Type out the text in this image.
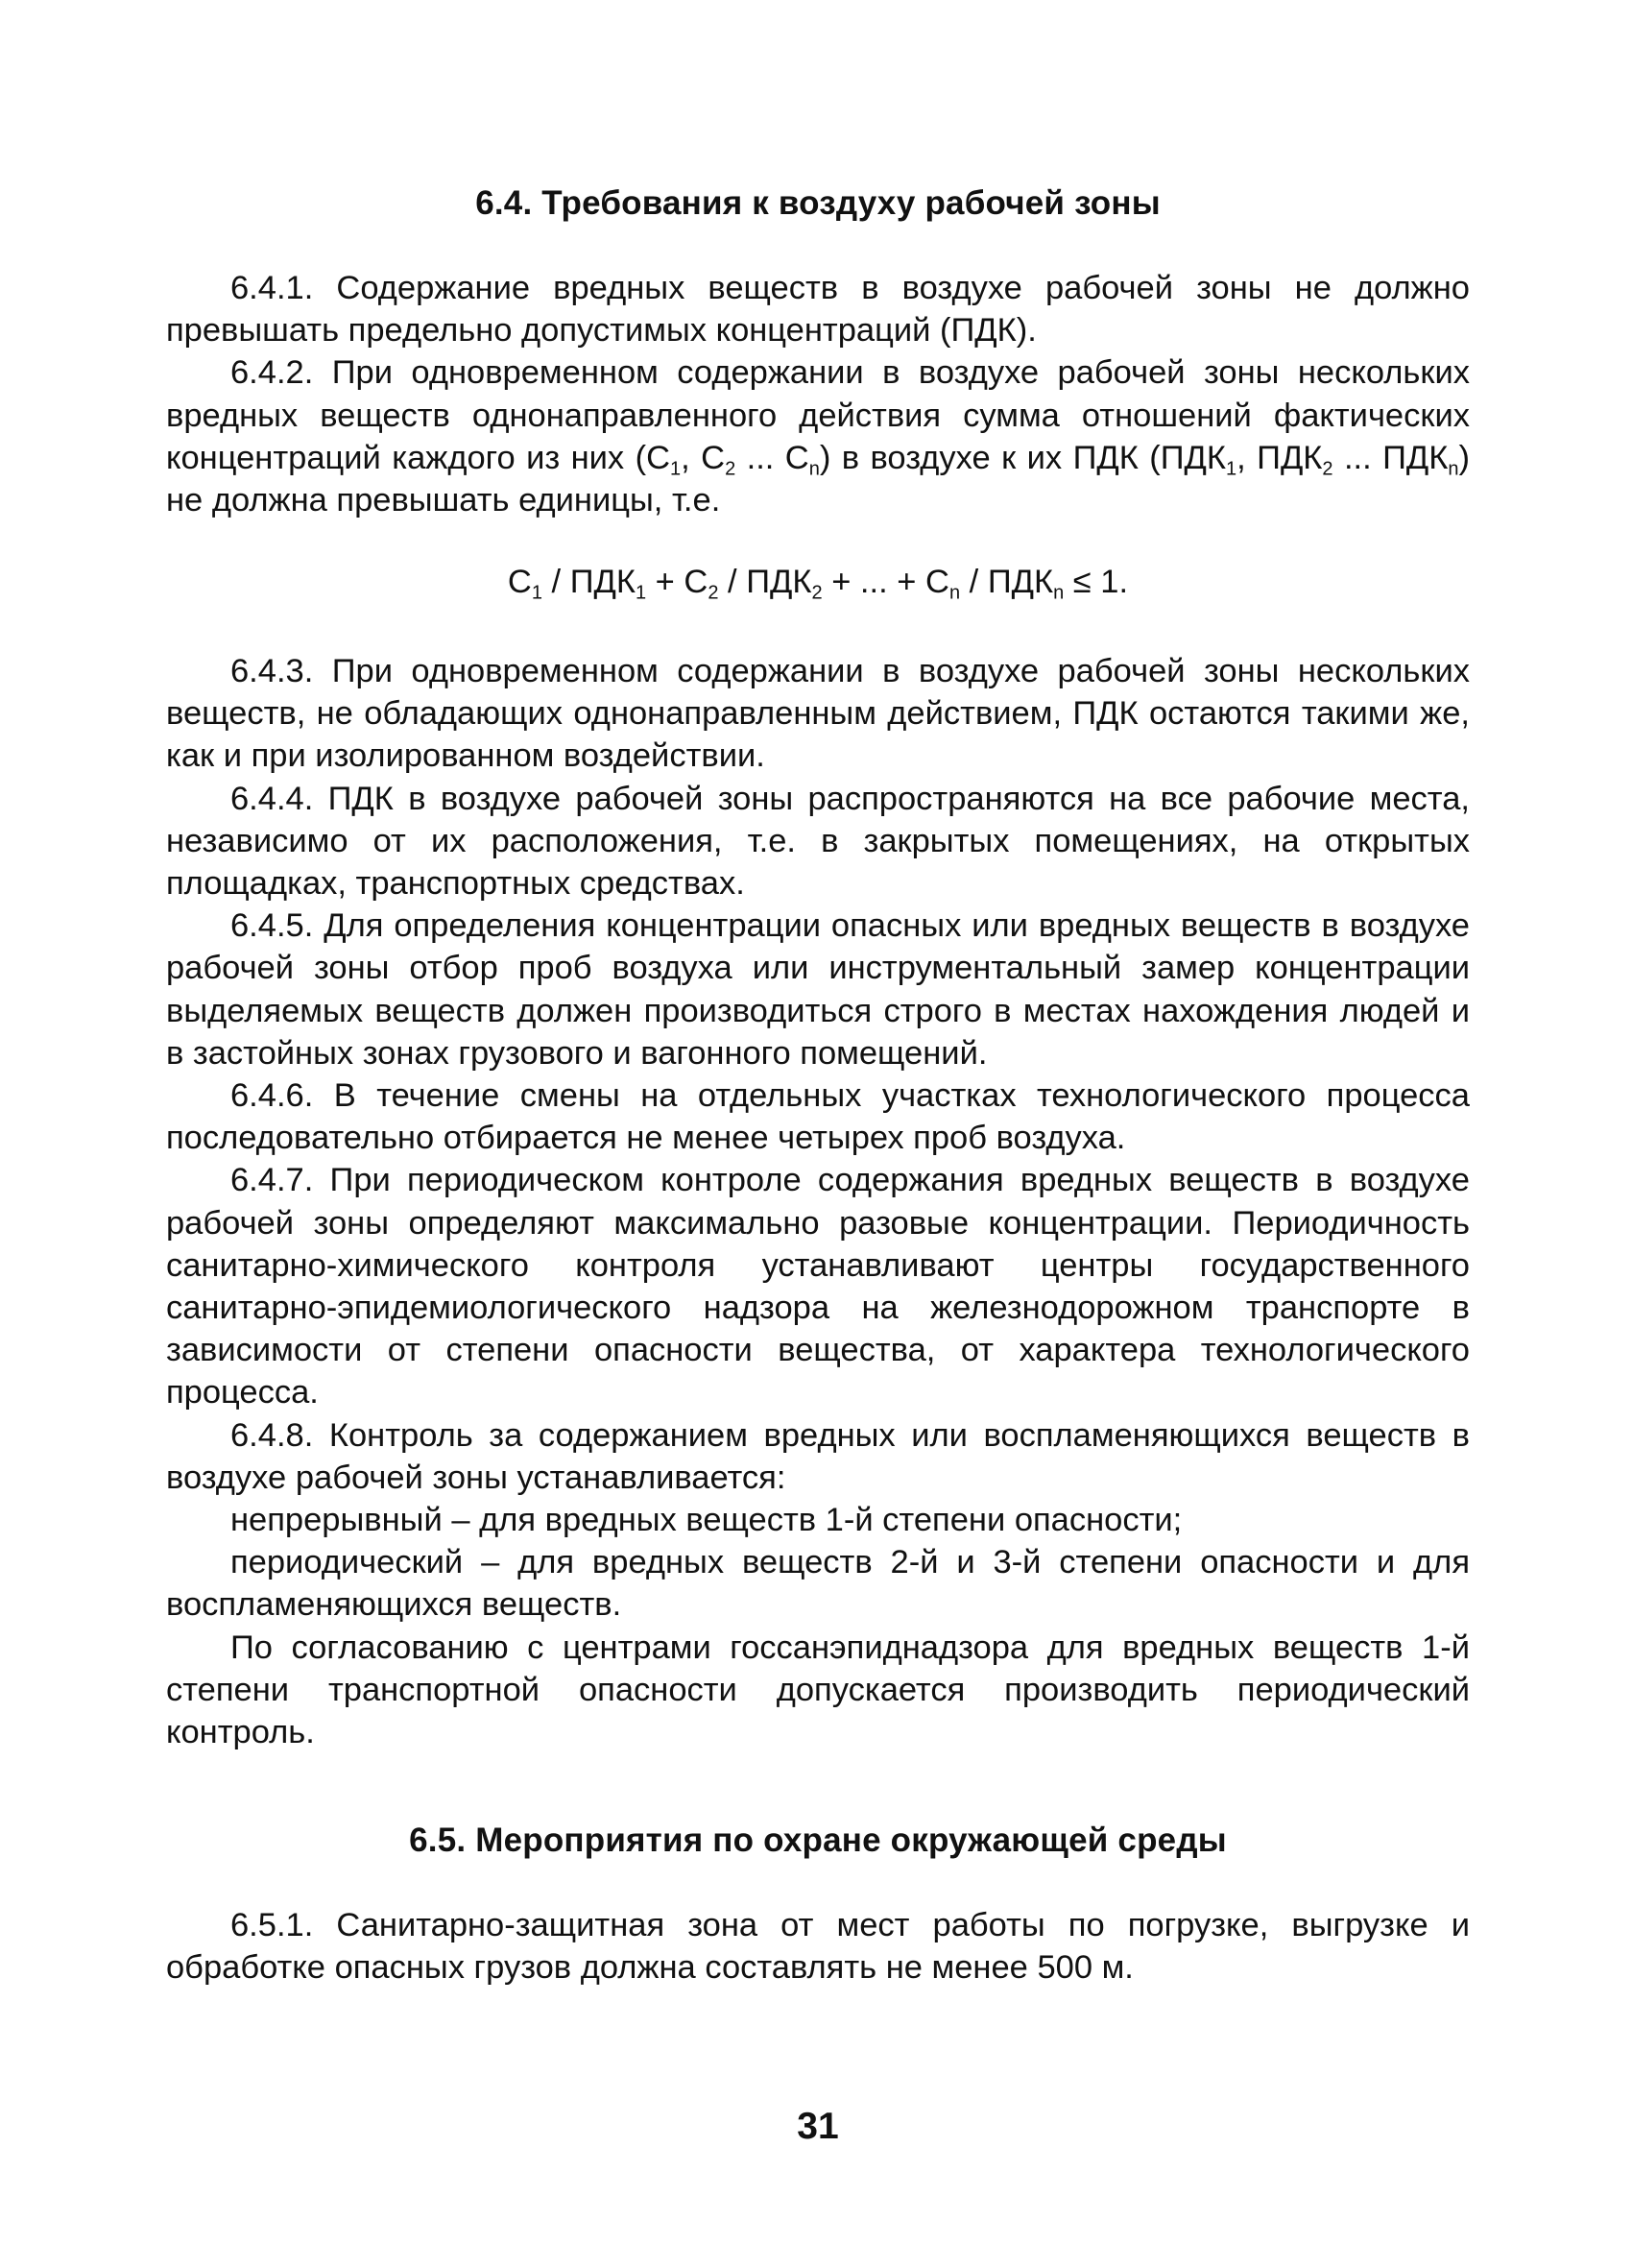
6.4. Требования к воздуху рабочей зоны

6.4.1. Содержание вредных веществ в воздухе рабочей зоны не должно превышать предельно допустимых концентраций (ПДК).

6.4.2. При одновременном содержании в воздухе рабочей зоны нескольких вредных веществ однонаправленного действия сумма отношений фактических концентраций каждого из них ($С_1$, $С_2$ ... $С_n$) в воздухе к их ПДК ($ПДК_1$, $ПДК_2$ ... $ПДК_n$) не должна превышать единицы, т.е.

$С_1 / ПДК_1 + С_2 / ПДК_2$ + ... + $С_n / ПДК_n \le 1$.

6.4.3. При одновременном содержании в воздухе рабочей зоны нескольких веществ, не обладающих однонаправленным действием, ПДК остаются такими же, как и при изолированном воздействии.

6.4.4. ПДК в воздухе рабочей зоны распространяются на все рабочие места, независимо от их расположения, т.е. в закрытых помещениях, на открытых площадках, транспортных средствах.

6.4.5. Для определения концентрации опасных или вредных веществ в воздухе рабочей зоны отбор проб воздуха или инструментальный замер концентрации выделяемых веществ должен производиться строго в местах нахождения людей и в застойных зонах грузового и вагонного помещений.

6.4.6. В течение смены на отдельных участках технологического процесса последовательно отбирается не менее четырех проб воздуха.

6.4.7. При периодическом контроле содержания вредных веществ в воздухе рабочей зоны определяют максимально разовые концентрации. Периодичность санитарно-химического контроля устанавливают центры государственного санитарно-эпидемиологического надзора на железнодорожном транспорте в зависимости от степени опасности вещества, от характера технологического процесса.

6.4.8. Контроль за содержанием вредных или воспламеняющихся веществ в воздухе рабочей зоны устанавливается:

непрерывный – для вредных веществ 1-й степени опасности;

периодический – для вредных веществ 2-й и 3-й степени опасности и для воспламеняющихся веществ.

По согласованию с центрами госсанэпиднадзора для вредных веществ 1-й степени транспортной опасности допускается производить периодический контроль.

6.5. Мероприятия по охране окружающей среды

6.5.1. Санитарно-защитная зона от мест работы по погрузке, выгрузке и обработке опасных грузов должна составлять не менее 500 м.

31
